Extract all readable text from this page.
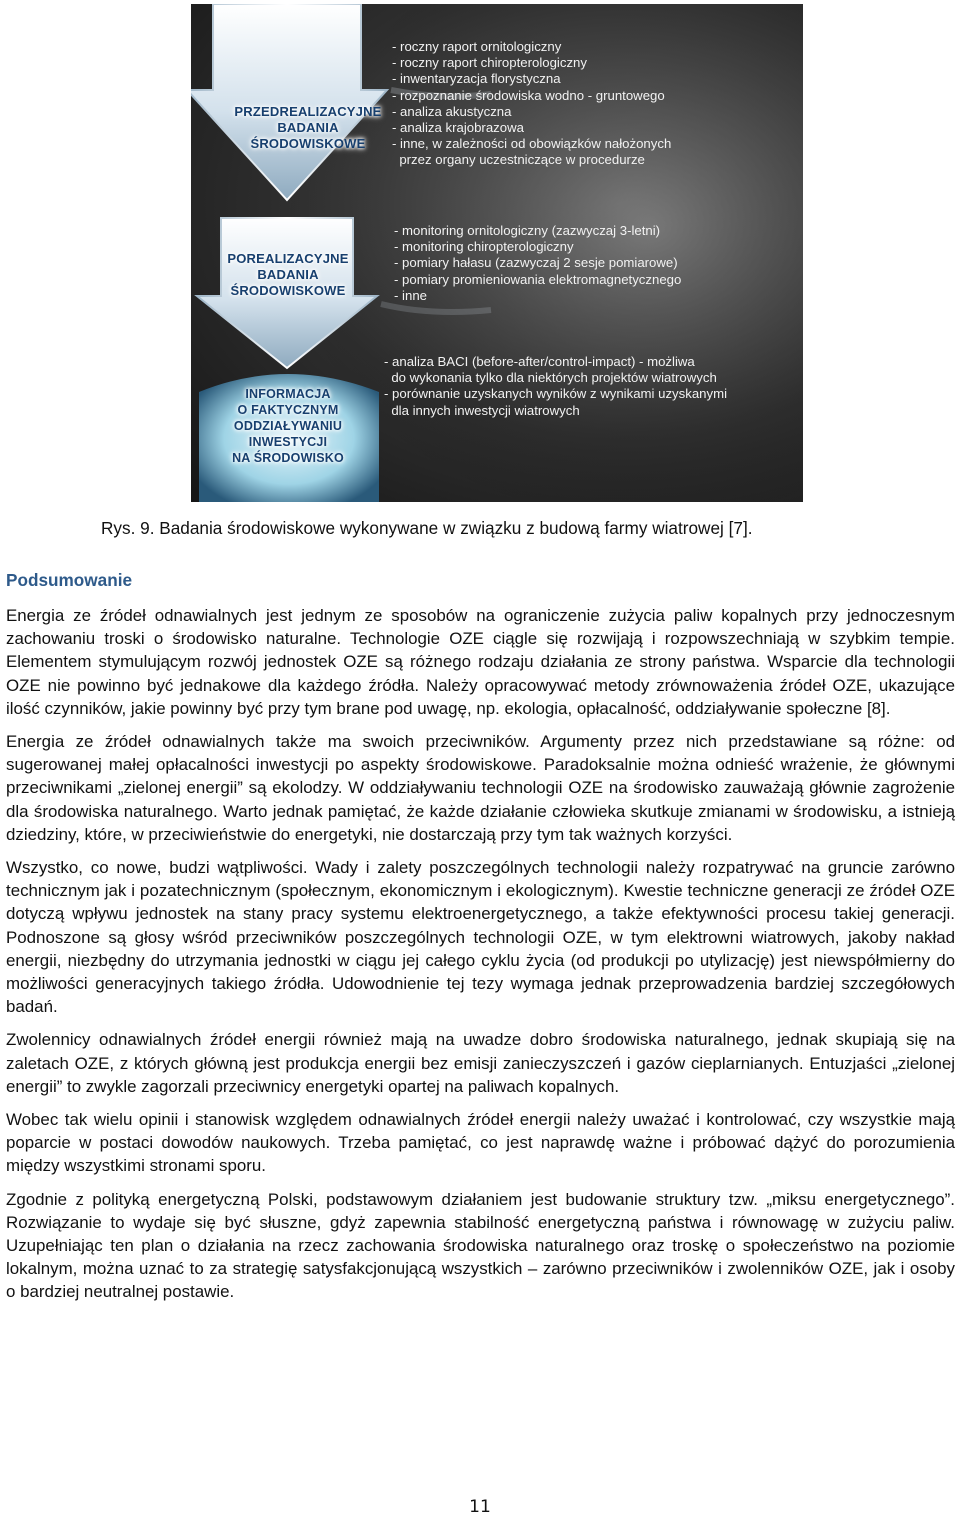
PRZEDREALIZACYJNE
BADANIA
ŚRODOWISKOWE
- roczny raport ornitologiczny
- roczny raport chiropterologiczny
- inwentaryzacja florystyczna
- rozpoznanie środowiska wodno - gruntowego
- analiza akustyczna
- analiza krajobrazowa
- inne, w zależności od obowiązków nałożonych
przez organy uczestniczące w procedurze
POREALIZACYJNE
BADANIA
ŚRODOWISKOWE
- monitoring ornitologiczny (zazwyczaj 3-letni)
- monitoring chiropterologiczny
- pomiary hałasu (zazwyczaj 2 sesje pomiarowe)
- pomiary promieniowania elektromagnetycznego
- inne
INFORMACJA
O FAKTYCZNYM
ODDZIAŁYWANIU
INWESTYCJI
NA ŚRODOWISKO
- analiza BACI (before-after/control-impact) - możliwa
do wykonania tylko dla niektórych projektów wiatrowych
- porównanie uzyskanych wyników z wynikami uzyskanymi
dla innych inwestycji wiatrowych
Rys. 9. Badania środowiskowe wykonywane w związku z budową farmy wiatrowej [7].
Podsumowanie

Energia ze źródeł odnawialnych jest jednym ze sposobów na ograniczenie zużycia paliw kopalnych przy jednoczesnym zachowaniu troski o środowisko naturalne. Technologie OZE ciągle się rozwijają i rozpowszechniają w szybkim tempie. Elementem stymulującym rozwój jednostek OZE są różnego rodzaju działania ze strony państwa. Wsparcie dla technologii OZE nie powinno być jednakowe dla każdego źródła. Należy opracowywać metody zrównoważenia źródeł OZE, ukazujące ilość czynników, jakie powinny być przy tym brane pod uwagę, np. ekologia, opłacalność, oddziaływanie społeczne [8].

Energia ze źródeł odnawialnych także ma swoich przeciwników. Argumenty przez nich przedstawiane są różne: od sugerowanej małej opłacalności inwestycji po aspekty środowiskowe. Paradoksalnie można odnieść wrażenie, że głównymi przeciwnikami „zielonej energii” są ekolodzy. W oddziaływaniu technologii OZE na środowisko zauważają głównie zagrożenie dla środowiska naturalnego. Warto jednak pamiętać, że każde działanie człowieka skutkuje zmianami w środowisku, a istnieją dziedziny, które, w przeciwieństwie do energetyki, nie dostarczają przy tym tak ważnych korzyści.

Wszystko, co nowe, budzi wątpliwości. Wady i zalety poszczególnych technologii należy rozpatrywać na gruncie zarówno technicznym jak i pozatechnicznym (społecznym, ekonomicznym i ekologicznym). Kwestie techniczne generacji ze źródeł OZE dotyczą wpływu jednostek na stany pracy systemu elektroenergetycznego, a także efektywności procesu takiej generacji. Podnoszone są głosy wśród przeciwników poszczególnych technologii OZE, w tym elektrowni wiatrowych, jakoby nakład energii, niezbędny do utrzymania jednostki w ciągu jej całego cyklu życia (od produkcji po utylizację) jest niewspółmierny do możliwości generacyjnych takiego źródła. Udowodnienie tej tezy wymaga jednak przeprowadzenia bardziej szczegółowych badań.

Zwolennicy odnawialnych źródeł energii również mają na uwadze dobro środowiska naturalnego, jednak skupiają się na zaletach OZE, z których główną jest produkcja energii bez emisji zanieczyszczeń i gazów cieplarnianych. Entuzjaści „zielonej energii” to zwykle zagorzali przeciwnicy energetyki opartej na paliwach kopalnych.

Wobec tak wielu opinii i stanowisk względem odnawialnych źródeł energii należy uważać i kontrolować, czy wszystkie mają poparcie w postaci dowodów naukowych. Trzeba pamiętać, co jest naprawdę ważne i próbować dążyć do porozumienia między wszystkimi stronami sporu.

Zgodnie z polityką energetyczną Polski, podstawowym działaniem jest budowanie struktury tzw. „miksu energetycznego”. Rozwiązanie to wydaje się być słuszne, gdyż zapewnia stabilność energetyczną państwa i równowagę w zużyciu paliw. Uzupełniając ten plan o działania na rzecz zachowania środowiska naturalnego oraz troskę o społeczeństwo na poziomie lokalnym, można uznać to za strategię satysfakcjonującą wszystkich – zarówno przeciwników i zwolenników OZE, jak i osoby o bardziej neutralnej postawie.

11
